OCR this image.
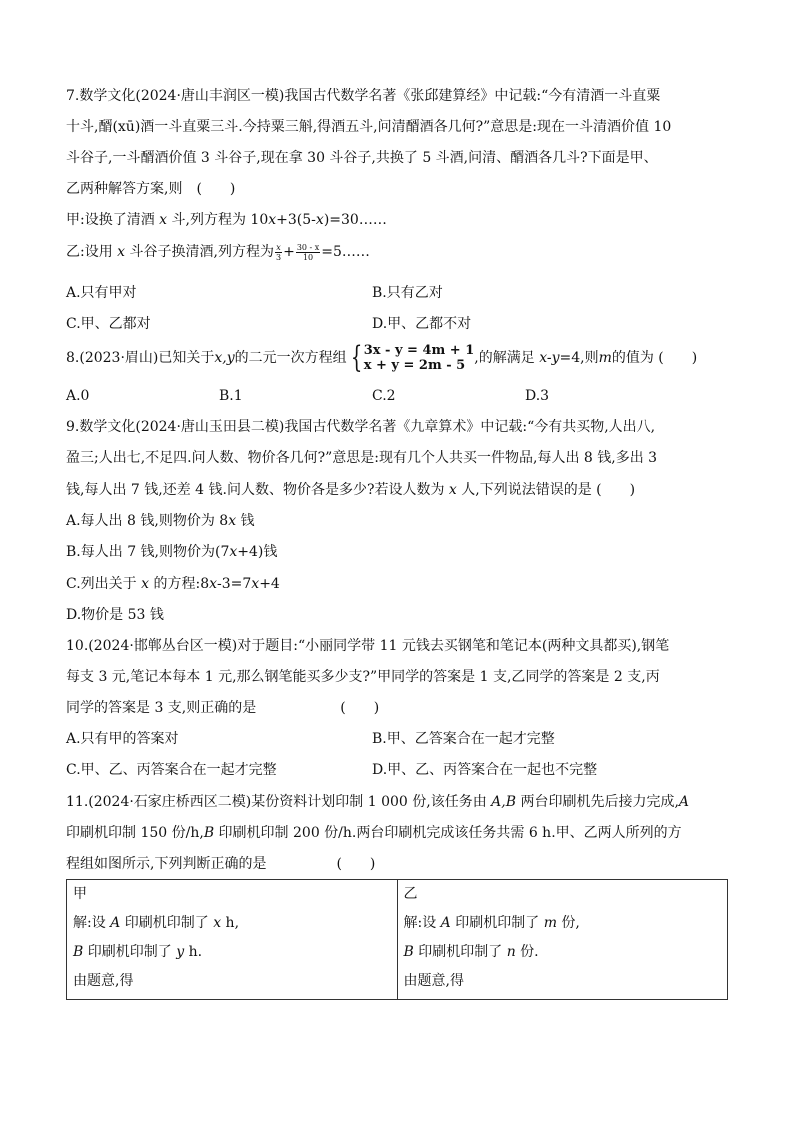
7.数学文化(2024·唐山丰润区一模)我国古代数学名著《张邱建算经》中记载:“今有清酒一斗直粟
十斗,醑(xū)酒一斗直粟三斗.今持粟三斛,得酒五斗,问清醑酒各几何?”意思是:现在一斗清酒价值 10
斗谷子,一斗醑酒价值 3 斗谷子,现在拿 30 斗谷子,共换了 5 斗酒,问清、醑酒各几斗?下面是甲、
乙两种解答方案,则　(　　)
甲:设换了清酒 x 斗,列方程为 10x+3(5-x)=30……
乙:设用 x 斗谷子换清酒,列方程为 $\frac{x}{3} + \frac{30 - x}{10}$ =5……
A.只有甲对	B.只有乙对
C.甲、乙都对	D.甲、乙都不对
8.(2023·眉山)已知关于x,y的二元一次方程组 { 3x - y = 4m + 1
x + y = 2m - 5 ,的解满足 x-y=4,则m的值为 (　　)
A.0	B.1	C.2	D.3
9.数学文化(2024·唐山玉田县二模)我国古代数学名著《九章算术》中记载:“今有共买物,人出八,
盈三;人出七,不足四.问人数、物价各几何?”意思是:现有几个人共买一件物品,每人出 8 钱,多出 3
钱,每人出 7 钱,还差 4 钱.问人数、物价各是多少?若设人数为 x 人,下列说法错误的是 (　　)
A.每人出 8 钱,则物价为 8x 钱
B.每人出 7 钱,则物价为(7x+4)钱
C.列出关于 x 的方程:8x-3=7x+4
D.物价是 53 钱
10.(2024·邯郸丛台区一模)对于题目:“小丽同学带 11 元钱去买钢笔和笔记本(两种文具都买),钢笔
每支 3 元,笔记本每本 1 元,那么钢笔能买多少支?”甲同学的答案是 1 支,乙同学的答案是 2 支,丙
同学的答案是 3 支,则正确的是　　　　　　(　　)
A.只有甲的答案对	B.甲、乙答案合在一起才完整
C.甲、乙、丙答案合在一起才完整	D.甲、乙、丙答案合在一起也不完整
11.(2024·石家庄桥西区二模)某份资料计划印制 1 000 份,该任务由 A,B 两台印刷机先后接力完成,A
印刷机印制 150 份/h,B 印刷机印制 200 份/h.两台印刷机完成该任务共需 6 h.甲、乙两人所列的方
程组如图所示,下列判断正确的是　　　　　(　　)
甲
解:设 A 印刷机印制了 x h,
B 印刷机印制了 y h.
由题意,得

乙
解:设 A 印刷机印制了 m 份,
B 印刷机印制了 n 份.
由题意,得
